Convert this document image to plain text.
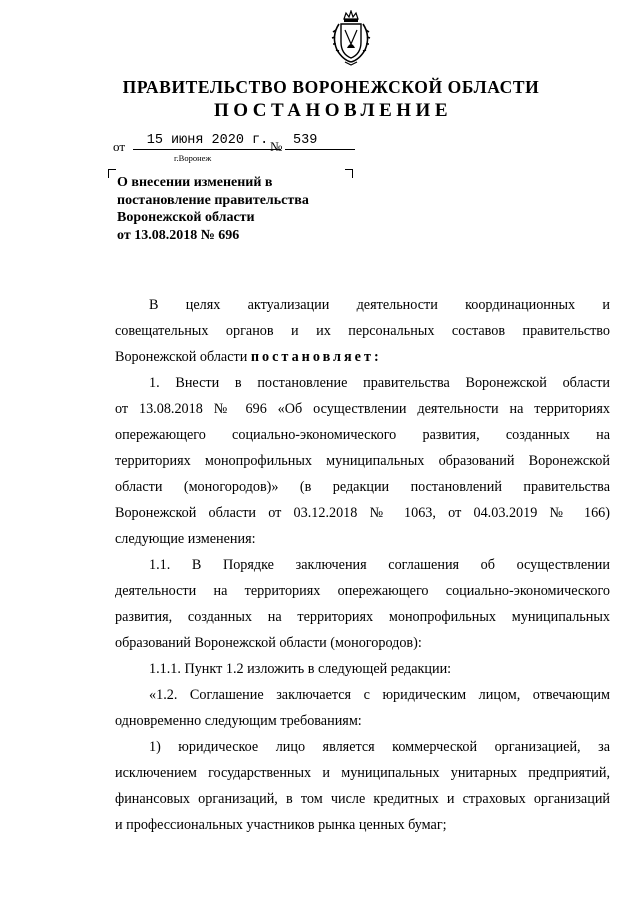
ПРАВИТЕЛЬСТВО ВОРОНЕЖСКОЙ ОБЛАСТИ
ПОСТАНОВЛЕНИЕ
от	15 июня 2020 г. № 539
г.Воронеж
О внесении изменений в
постановление правительства
Воронежской области
от 13.08.2018 № 696

В целях актуализации деятельности координационных и
совещательных органов и их персональных составов правительство
Воронежской области постановляет:

1. Внести в постановление правительства Воронежской области
от 13.08.2018 № 696 «Об осуществлении деятельности на территориях
опережающего социально-экономического развития, созданных на
территориях монопрофильных муниципальных образований Воронежской
области (моногородов)» (в редакции постановлений правительства
Воронежской области от 03.12.2018 № 1063, от 04.03.2019 № 166)
следующие изменения:

1.1. В Порядке заключения соглашения об осуществлении
деятельности на территориях опережающего социально-экономического
развития, созданных на территориях монопрофильных муниципальных
образований Воронежской области (моногородов):

1.1.1. Пункт 1.2 изложить в следующей редакции:

«1.2. Соглашение заключается с юридическим лицом, отвечающим
одновременно следующим требованиям:

1) юридическое лицо является коммерческой организацией, за
исключением государственных и муниципальных унитарных предприятий,
финансовых организаций, в том числе кредитных и страховых организаций
и профессиональных участников рынка ценных бумаг;
